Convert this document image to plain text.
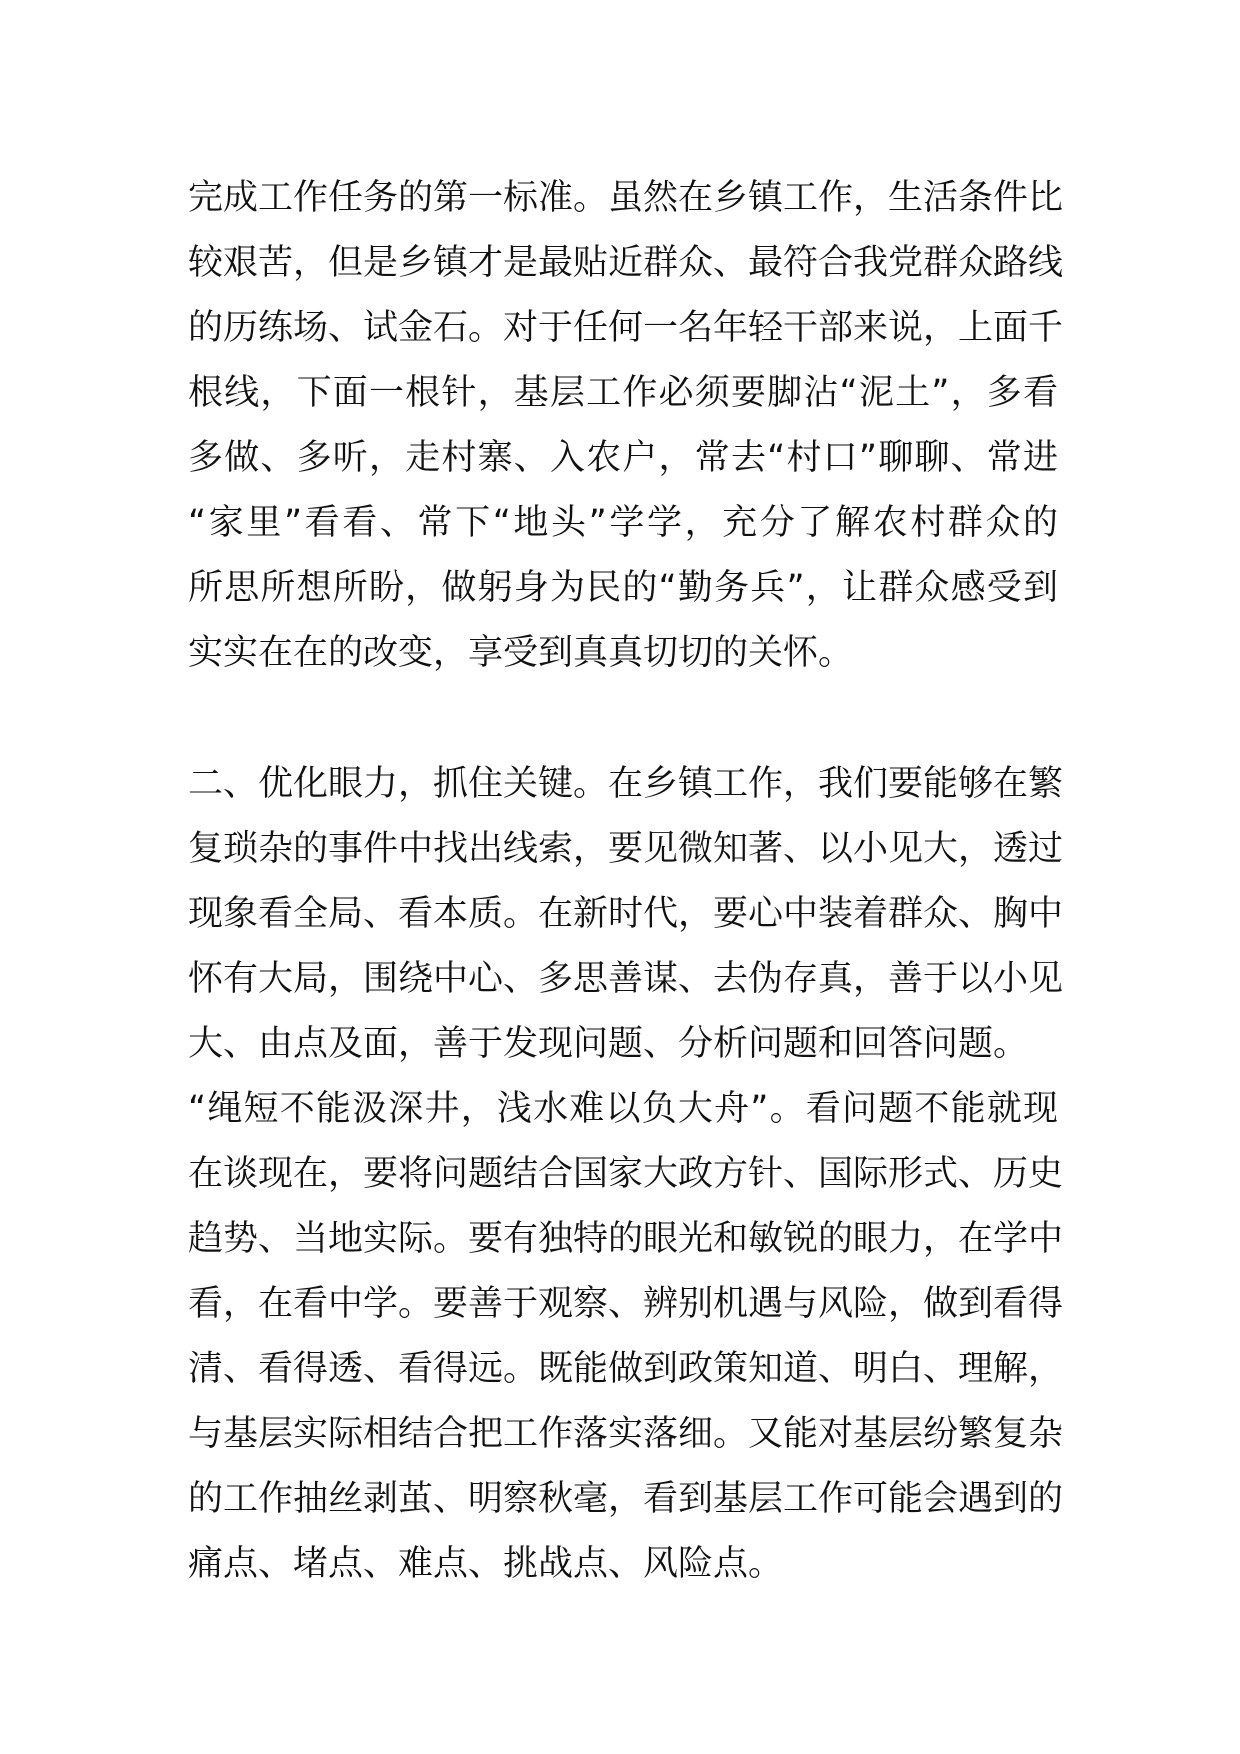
完成工作任务的第一标准。虽然在乡镇工作，生活条件比
较艰苦，但是乡镇才是最贴近群众、最符合我党群众路线
的历练场、试金石。对于任何一名年轻干部来说，上面千
根线，下面一根针，基层工作必须要脚沾“泥土”，多看
多做、多听，走村寨、入农户，常去“村口”聊聊、常进
“家里”看看、常下“地头”学学，充分了解农村群众的
所思所想所盼，做躬身为民的“勤务兵”，让群众感受到
实实在在的改变，享受到真真切切的关怀。
二、优化眼力，抓住关键。在乡镇工作，我们要能够在繁
复琐杂的事件中找出线索，要见微知著、以小见大，透过
现象看全局、看本质。在新时代，要心中装着群众、胸中
怀有大局，围绕中心、多思善谋、去伪存真，善于以小见
大、由点及面，善于发现问题、分析问题和回答问题。
“绳短不能汲深井，浅水难以负大舟”。看问题不能就现
在谈现在，要将问题结合国家大政方针、国际形式、历史
趋势、当地实际。要有独特的眼光和敏锐的眼力，在学中
看，在看中学。要善于观察、辨别机遇与风险，做到看得
清、看得透、看得远。既能做到政策知道、明白、理解，
与基层实际相结合把工作落实落细。又能对基层纷繁复杂
的工作抽丝剥茧、明察秋毫，看到基层工作可能会遇到的
痛点、堵点、难点、挑战点、风险点。
